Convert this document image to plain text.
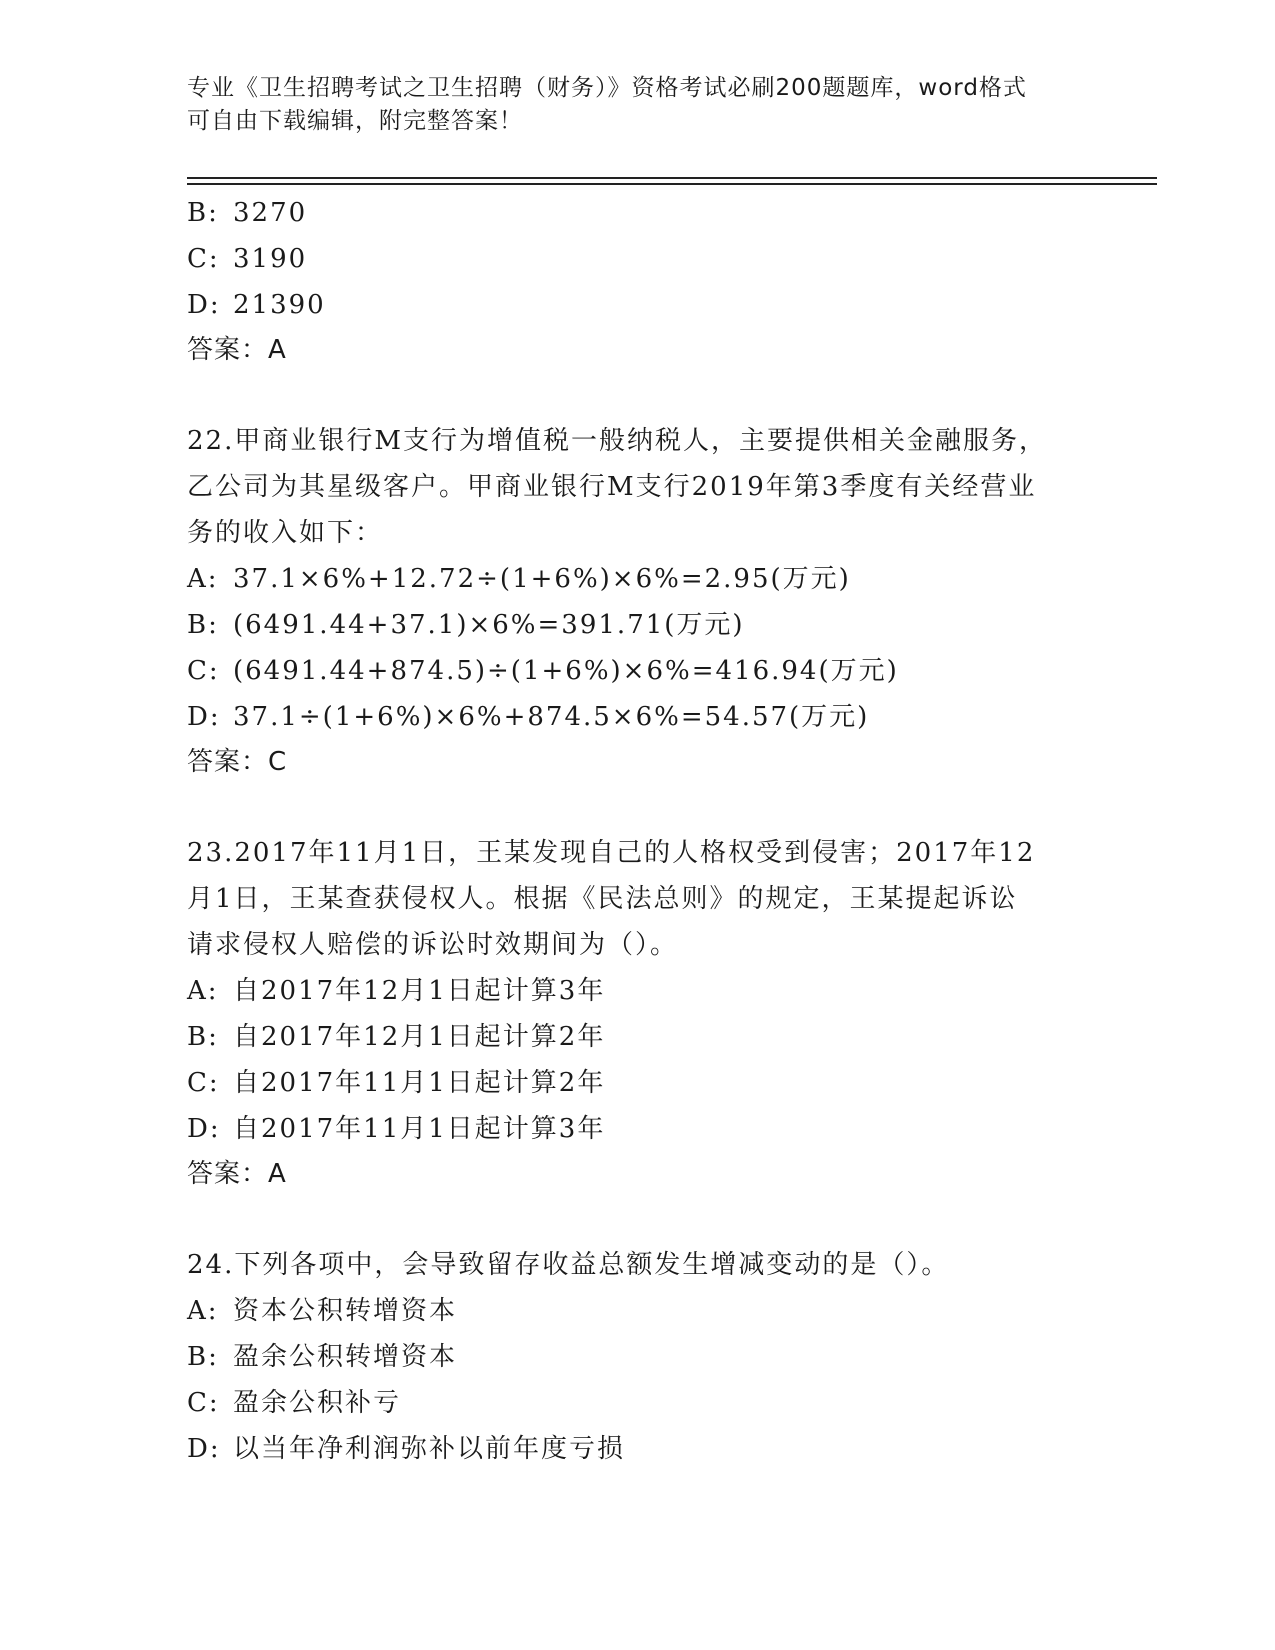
专业《卫生招聘考试之卫生招聘（财务）》资格考试必刷200题题库，word格式
可自由下载编辑，附完整答案！
B: 3270
C: 3190
D: 21390
答案：A
22.甲商业银行M支行为增值税一般纳税人，主要提供相关金融服务，
乙公司为其星级客户。甲商业银行M支行2019年第3季度有关经营业
务的收入如下：
A: 37.1×6%+12.72÷(1+6%)×6%=2.95(万元)
B: (6491.44+37.1)×6%=391.71(万元)
C: (6491.44+874.5)÷(1+6%)×6%=416.94(万元)
D: 37.1÷(1+6%)×6%+874.5×6%=54.57(万元)
答案：C
23.2017年11月1日，王某发现自己的人格权受到侵害；2017年12
月1日，王某查获侵权人。根据《民法总则》的规定，王某提起诉讼
请求侵权人赔偿的诉讼时效期间为（）。
A: 自2017年12月1日起计算3年
B: 自2017年12月1日起计算2年
C: 自2017年11月1日起计算2年
D: 自2017年11月1日起计算3年
答案：A
24.下列各项中，会导致留存收益总额发生增减变动的是（）。
A: 资本公积转增资本
B: 盈余公积转增资本
C: 盈余公积补亏
D: 以当年净利润弥补以前年度亏损
